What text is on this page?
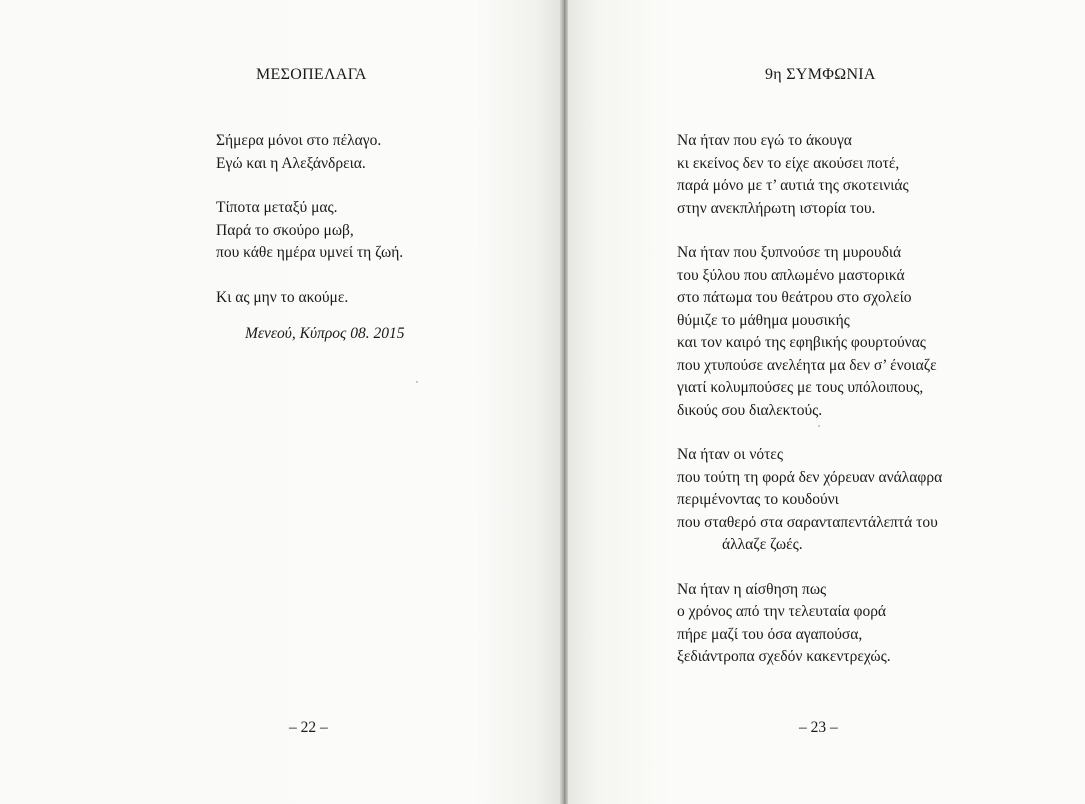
ΜΕΣΟΠΕΛΑΓΑ
Σήμερα μόνοι στο πέλαγο.
Εγώ και η Αλεξάνδρεια.
Τίποτα μεταξύ μας.
Παρά το σκούρο μωβ,
που κάθε ημέρα υμνεί τη ζωή.
Κι ας μην το ακούμε.
Μενεού, Κύπρος 08. 2015
– 22 –
9η ΣΥΜΦΩΝΙΑ
Να ήταν που εγώ το άκουγα
κι εκείνος δεν το είχε ακούσει ποτέ,
παρά μόνο με τ’ αυτιά της σκοτεινιάς
στην ανεκπλήρωτη ιστορία του.
Να ήταν που ξυπνούσε τη μυρουδιά
του ξύλου που απλωμένο μαστορικά
στο πάτωμα του θεάτρου στο σχολείο
θύμιζε το μάθημα μουσικής
και τον καιρό της εφηβικής φουρτούνας
που χτυπούσε ανελέητα μα δεν σ’ ένοιαζε
γιατί κολυμπούσες με τους υπόλοιπους,
δικούς σου διαλεκτούς.
Να ήταν οι νότες
που τούτη τη φορά δεν χόρευαν ανάλαφρα
περιμένοντας το κουδούνι
που σταθερό στα σαρανταπεντάλεπτά του
άλλαζε ζωές.
Να ήταν η αίσθηση πως
ο χρόνος από την τελευταία φορά
πήρε μαζί του όσα αγαπούσα,
ξεδιάντροπα σχεδόν κακεντρεχώς.
– 23 –
